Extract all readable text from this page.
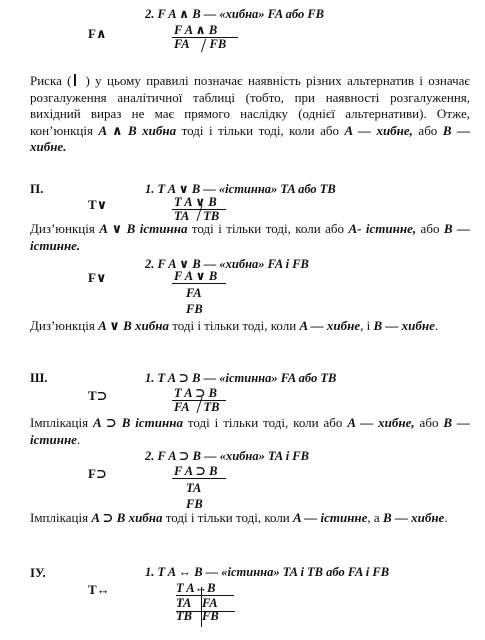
2. F A ∧ B — «хибна» FA або FB
F∧	F A ∧ B
FA FB
Риска ( ) у цьому правилі позначає наявність різних альтернатив і означає розгалуження аналітичної таблиці (тобто, при наявності розгалуження, вихідний вираз не має прямого наслідку (однієї альтернативи). Отже, кон’юнкція A ∧ B хибна тоді і тільки тоді, коли або A — хибне, або B — хибне.
П.	1. T A ∨ B — «істинна» TA або TB
T∨	T A ∨ B
TA TB
Диз’юнкція A ∨ B істинна тоді і тільки тоді, коли або A- істинне, або B — істинне.
2. F A ∨ B — «хибна» FA і FB
F∨	F A ∨ B
FA
FB
Диз’юнкція A ∨ B хибна тоді і тільки тоді, коли A — хибне, і B — хибне.
Ш.	1. T A ⊃ B — «істинна» FA або TB
T⊃	T A ⊃ B
FA TB
Імплікація A ⊃ B істинна тоді і тільки тоді, коли або A — хибне, або B — істинне.
2. F A ⊃ B — «хибна» TA і FB
F⊃	F A ⊃ B
TA
FB
Імплікація A ⊃ B хибна тоді і тільки тоді, коли A — істинне, а B — хибне.
ІУ.	1. T A ↔ B — «істинна» TA і TB або FA і FB
T↔	T A↔B
TA FA
TB FB
